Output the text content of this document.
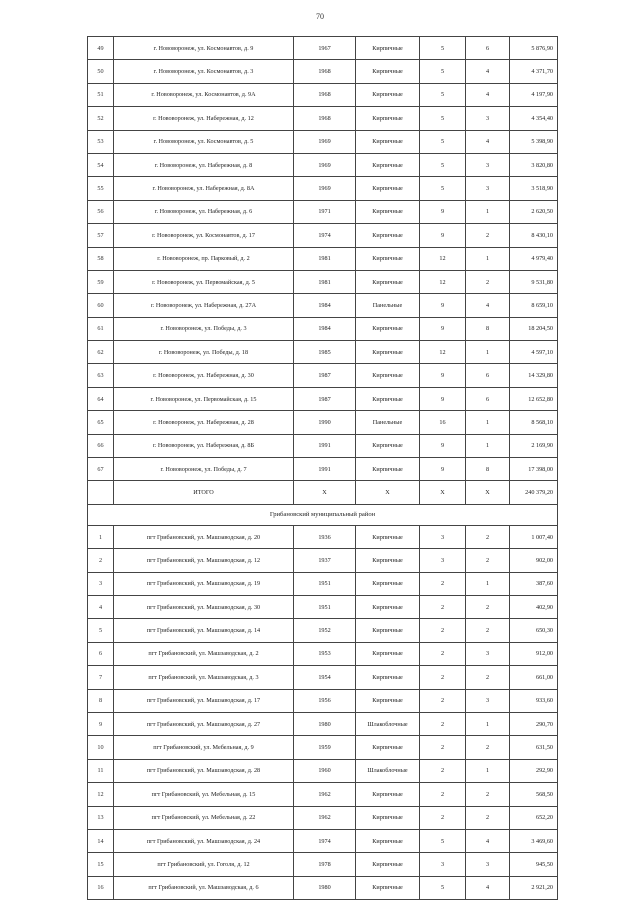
70
49	г. Нововоронеж, ул. Космонавтов, д. 9	1967	Кирпичные	5	6	5 876,90
50	г. Нововоронеж, ул. Космонавтов, д. 3	1968	Кирпичные	5	4	4 371,70
51	г. Нововоронеж, ул. Космонавтов, д. 9А	1968	Кирпичные	5	4	4 197,90
52	г. Нововоронеж, ул. Набережная, д. 12	1968	Кирпичные	5	3	4 354,40
53	г. Нововоронеж, ул. Космонавтов, д. 5	1969	Кирпичные	5	4	5 398,90
54	г. Нововоронеж, ул. Набережная, д. 8	1969	Кирпичные	5	3	3 820,80
55	г. Нововоронеж, ул. Набережная, д. 8А	1969	Кирпичные	5	3	3 518,90
56	г. Нововоронеж, ул. Набережная, д. 6	1971	Кирпичные	9	1	2 620,50
57	г. Нововоронеж, ул. Космонавтов, д. 17	1974	Кирпичные	9	2	8 430,10
58	г. Нововоронеж, пр. Парковый, д. 2	1981	Кирпичные	12	1	4 979,40
59	г. Нововоронеж, ул. Первомайская, д. 5	1981	Кирпичные	12	2	9 531,80
60	г. Нововоронеж, ул. Набережная, д. 27А	1984	Панельные	9	4	8 659,10
61	г. Нововоронеж, ул. Победы, д. 3	1984	Кирпичные	9	8	18 204,50
62	г. Нововоронеж, ул. Победы, д. 18	1985	Кирпичные	12	1	4 597,10
63	г. Нововоронеж, ул. Набережная, д. 30	1987	Кирпичные	9	6	14 329,80
64	г. Нововоронеж, ул. Первомайская, д. 15	1987	Кирпичные	9	6	12 652,80
65	г. Нововоронеж, ул. Набережная, д. 28	1990	Панельные	16	1	8 568,10
66	г. Нововоронеж, ул. Набережная, д. 8Б	1991	Кирпичные	9	1	2 169,90
67	г. Нововоронеж, ул. Победы, д. 7	1991	Кирпичные	9	8	17 398,00
	ИТОГО	Х	Х	Х	Х	240 379,20
Грибановский муниципальный район						
1	пгт Грибановский, ул. Машзаводская, д. 20	1936	Кирпичные	3	2	1 007,40
2	пгт Грибановский, ул. Машзаводская, д. 12	1937	Кирпичные	3	2	902,00
3	пгт Грибановский, ул. Машзаводская, д. 19	1951	Кирпичные	2	1	387,60
4	пгт Грибановский, ул. Машзаводская, д. 30	1951	Кирпичные	2	2	402,90
5	пгт Грибановский, ул. Машзаводская, д. 14	1952	Кирпичные	2	2	650,30
6	пгт Грибановский, ул. Машзаводская, д. 2	1953	Кирпичные	2	3	912,00
7	пгт Грибановский, ул. Машзаводская, д. 3	1954	Кирпичные	2	2	661,00
8	пгт Грибановский, ул. Машзаводская, д. 17	1956	Кирпичные	2	3	933,60
9	пгт Грибановский, ул. Машзаводская, д. 27	1980	Шлакоблочные	2	1	290,70
10	пгт Грибановский, ул. Мебельная, д. 9	1959	Кирпичные	2	2	631,50
11	пгт Грибановский, ул. Машзаводская, д. 28	1960	Шлакоблочные	2	1	292,90
12	пгт Грибановский, ул. Мебельная, д. 15	1962	Кирпичные	2	2	568,50
13	пгт Грибановский, ул. Мебельная, д. 22	1962	Кирпичные	2	2	652,20
14	пгт Грибановский, ул. Машзаводская, д. 24	1974	Кирпичные	5	4	3 469,60
15	пгт Грибановский, ул. Гоголя, д. 12	1978	Кирпичные	3	3	945,50
16	пгт Грибановский, ул. Машзаводская, д. 6	1980	Кирпичные	5	4	2 921,20
